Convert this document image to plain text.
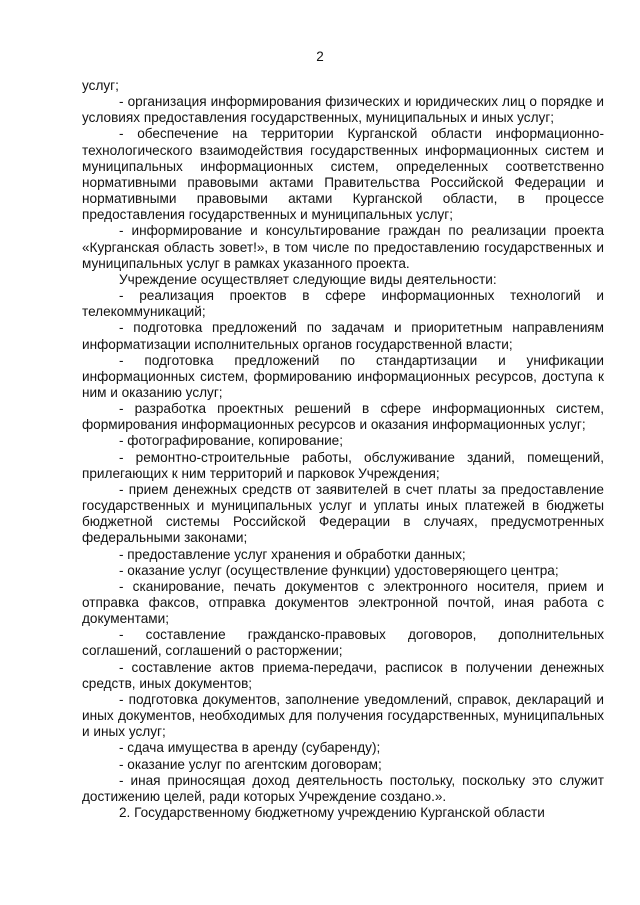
2

услуг;

- организация информирования физических и юридических лиц о порядке и условиях предоставления государственных, муниципальных и иных услуг;

- обеспечение на территории Курганской области информационно-технологического взаимодействия государственных информационных систем и муниципальных информационных систем, определенных соответственно нормативными правовыми актами Правительства Российской Федерации и нормативными правовыми актами Курганской области, в процессе предоставления государственных и муниципальных услуг;

- информирование и консультирование граждан по реализации проекта «Курганская область зовет!», в том числе по предоставлению государственных и муниципальных услуг в рамках указанного проекта.

Учреждение осуществляет следующие виды деятельности:

- реализация проектов в сфере информационных технологий и телекоммуникаций;

- подготовка предложений по задачам и приоритетным направлениям информатизации исполнительных органов государственной власти;

- подготовка предложений по стандартизации и унификации информационных систем, формированию информационных ресурсов, доступа к ним и оказанию услуг;

- разработка проектных решений в сфере информационных систем, формирования информационных ресурсов и оказания информационных услуг;

- фотографирование, копирование;

- ремонтно-строительные работы, обслуживание зданий, помещений, прилегающих к ним территорий и парковок Учреждения;

- прием денежных средств от заявителей в счет платы за предоставление государственных и муниципальных услуг и уплаты иных платежей в бюджеты бюджетной системы Российской Федерации в случаях, предусмотренных федеральными законами;

- предоставление услуг хранения и обработки данных;

- оказание услуг (осуществление функции) удостоверяющего центра;

- сканирование, печать документов с электронного носителя, прием и отправка факсов, отправка документов электронной почтой, иная работа с документами;

- составление гражданско-правовых договоров, дополнительных соглашений, соглашений о расторжении;

- составление актов приема-передачи, расписок в получении денежных средств, иных документов;

- подготовка документов, заполнение уведомлений, справок, деклараций и иных документов, необходимых для получения государственных, муниципальных и иных услуг;

- сдача имущества в аренду (субаренду);

- оказание услуг по агентским договорам;

- иная приносящая доход деятельность постольку, поскольку это служит достижению целей, ради которых Учреждение создано.».

2. Государственному бюджетному учреждению Курганской области
